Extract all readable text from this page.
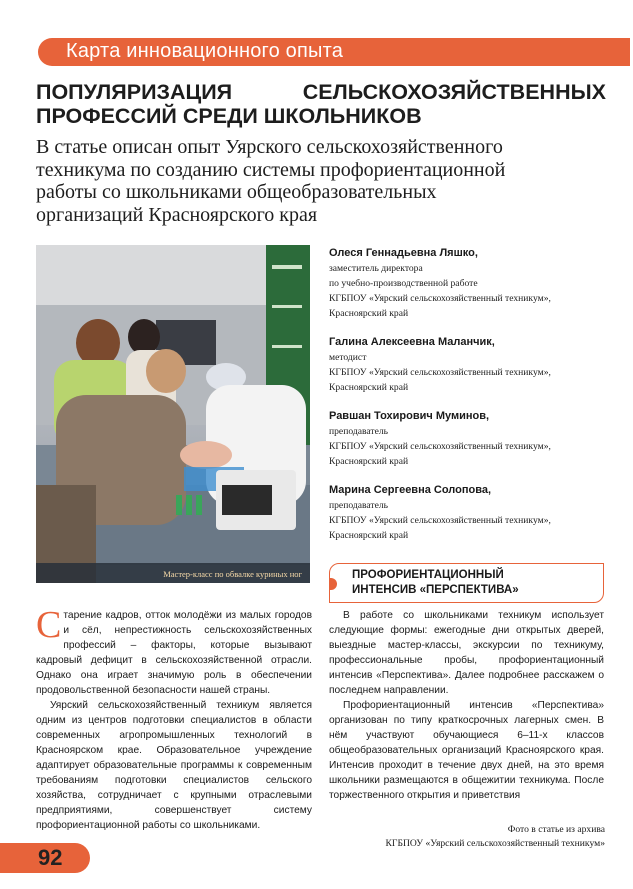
Карта инновационного опыта
ПОПУЛЯРИЗАЦИЯ	СЕЛЬСКОХОЗЯЙСТВЕННЫХ
ПРОФЕССИЙ СРЕДИ ШКОЛЬНИКОВ
В статье описан опыт Уярского сельскохозяйственного
техникума по созданию системы профориентационной
работы со школьниками общеобразовательных
организаций Красноярского края
Мастер-класс по обвалке куриных ног
Олеся Геннадьевна Ляшко,
заместитель директора
по учебно-производственной работе
КГБПОУ «Уярский сельскохозяйственный техникум»,
Красноярский край
Галина Алексеевна Маланчик,
методист
КГБПОУ «Уярский сельскохозяйственный техникум»,
Красноярский край
Равшан Тохирович Муминов,
преподаватель
КГБПОУ «Уярский сельскохозяйственный техникум»,
Красноярский край
Марина Сергеевна Солопова,
преподаватель
КГБПОУ «Уярский сельскохозяйственный техникум»,
Красноярский край
ПРОФОРИЕНТАЦИОННЫЙ
ИНТЕНСИВ «ПЕРСПЕКТИВА»

Старение кадров, отток молодёжи из малых городов и сёл, непрестижность сельскохозяйственных профессий – факторы, которые вызывают кадровый дефицит в сельскохозяйственной отрасли. Однако она играет значимую роль в обеспечении продовольственной безопасности нашей страны.

Уярский сельскохозяйственный техникум является одним из центров подготовки специалистов в области современных агропромышленных технологий в Красноярском крае. Образовательное учреждение адаптирует образовательные программы к современным требованиям подготовки специалистов сельского хозяйства, сотрудничает с крупными отраслевыми предприятиями, совершенствует систему профориентационной работы со школьниками.

В работе со школьниками техникум использует следующие формы: ежегодные дни открытых дверей, выездные мастер-классы, экскурсии по техникуму, профессиональные пробы, профориентационный интенсив «Перспектива». Далее подробнее расскажем о последнем направлении.

Профориентационный интенсив «Перспектива» организован по типу краткосрочных лагерных смен. В нём участвуют обучающиеся 6–11-х классов общеобразовательных организаций Красноярского края. Интенсив проходит в течение двух дней, на это время школьники размещаются в общежитии техникума. После торжественного открытия и приветствия

Фото в статье из архива
КГБПОУ «Уярский сельскохозяйственный техникум»
92
